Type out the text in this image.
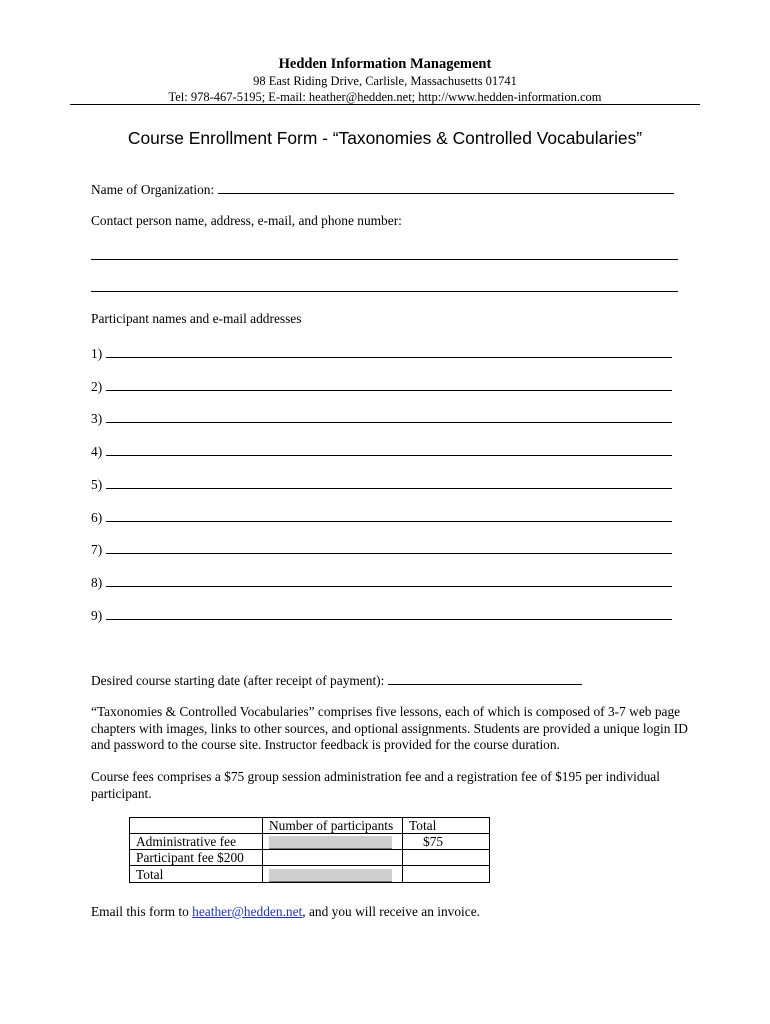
Hedden Information Management
98 East Riding Drive, Carlisle, Massachusetts 01741
Tel: 978-467-5195; E-mail: heather@hedden.net; http://www.hedden-information.com
Course Enrollment Form - “Taxonomies & Controlled Vocabularies”
Name of Organization:
Contact person name, address, e-mail, and phone number:
Participant names and e-mail addresses
1)
2)
3)
4)
5)
6)
7)
8)
9)
Desired course starting date (after receipt of payment):
“Taxonomies & Controlled Vocabularies” comprises five lessons, each of which is composed of 3-7 web page chapters with images, links to other sources, and optional assignments. Students are provided a unique login ID and password to the course site. Instructor feedback is provided for the course duration.
Course fees comprises a $75 group session administration fee and a registration fee of $195 per individual participant.
	Number of participants	Total
Administrative fee		$75
Participant fee $200		
Total		
Email this form to heather@hedden.net, and you will receive an invoice.
